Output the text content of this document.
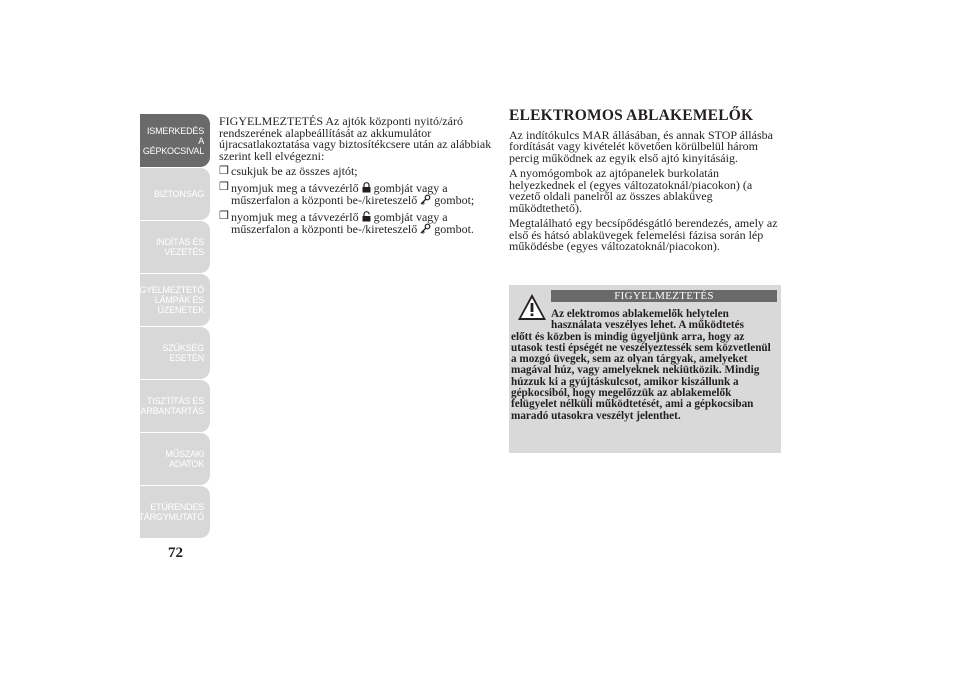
ISMERKEDÉS A
GÉPKOCSIVAL
BIZTONSÁG
INDÍTÁS ÉS
VEZETÉS
FIGYELMEZTETŐ
LÁMPÁK ÉS
ÜZENETEK
SZÜKSÉG ESETÉN
TISZTÍTÁS ÉS
KARBANTARTÁS
MŰSZAKI ADATOK
ETŰRENDES
TÁRGYMUTATÓ
72

FIGYELMEZTETÉS Az ajtók központi nyitó/záró rendszerének alapbeállítását az akkumulátor újracsatlakoztatása vagy biztosítékcsere után az alábbiak szerint kell elvégezni:

❒ csukjuk be az összes ajtót;
❒ nyomjuk meg a távvezérlő gombját vagy a műszerfalon a központi be-/kireteszelő gombot;
❒ nyomjuk meg a távvezérlő gombját vagy a műszerfalon a központi be-/kireteszelő gombot.
ELEKTROMOS ABLAKEMELŐK

Az indítókulcs MAR állásában, és annak STOP állásba fordítását vagy kivételét követően körülbelül három percig működnek az egyik első ajtó kinyitásáig.

A nyomógombok az ajtópanelek burkolatán helyezkednek el (egyes változatoknál/piacokon) (a vezető oldali panelről az összes ablaküveg működtethető).

Megtalálható egy becsípődésgátló berendezés, amely az első és hátsó ablaküvegek felemelési fázisa során lép működésbe (egyes változatoknál/piacokon).

FIGYELMEZTETÉS
Az elektromos ablakemelők helytelen
használata veszélyes lehet. A működtetés
előtt és közben is mindig ügyeljünk arra, hogy az utasok testi épségét ne veszélyeztessék sem közvetlenül a mozgó üvegek, sem az olyan tárgyak, amelyeket magával húz, vagy amelyeknek nekiütközik. Mindig húzzuk ki a gyújtáskulcsot, amikor kiszállunk a gépkocsiból, hogy megelőzzük az ablakemelők felügyelet nélküli működtetését, ami a gépkocsiban maradó utasokra veszélyt jelenthet.
